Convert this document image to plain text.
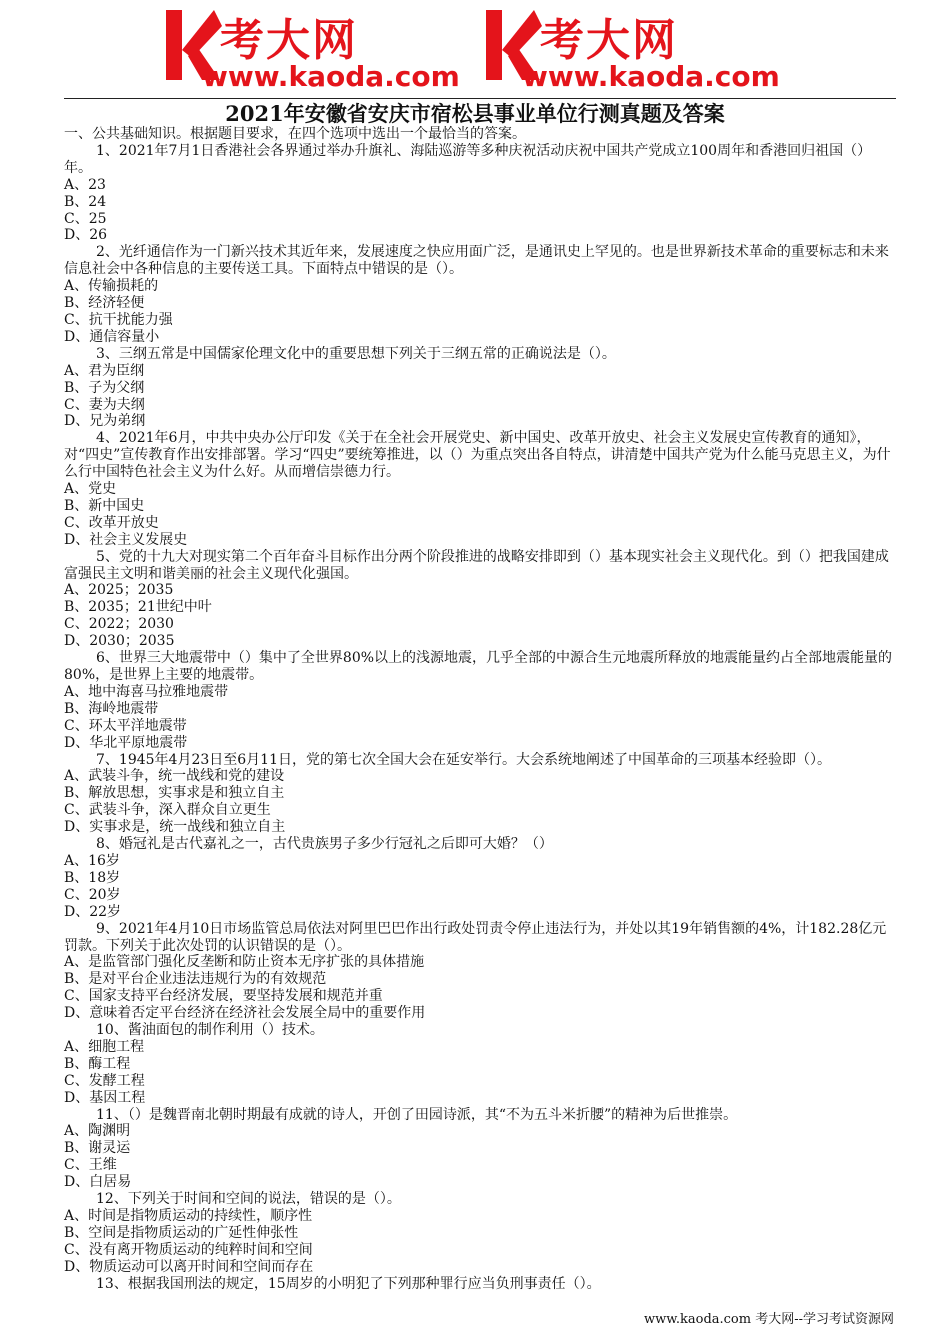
考大网
www.kaoda.com
考大网
www.kaoda.com
2021年安徽省安庆市宿松县事业单位行测真题及答案

一、公共基础知识。根据题目要求，在四个选项中选出一个最恰当的答案。

1、2021年7月1日香港社会各界通过举办升旗礼、海陆巡游等多种庆祝活动庆祝中国共产党成立100周年和香港回归祖国（）年。

A、23

B、24

C、25

D、26

2、光纤通信作为一门新兴技术其近年来，发展速度之快应用面广泛，是通讯史上罕见的。也是世界新技术革命的重要标志和未来信息社会中各种信息的主要传送工具。下面特点中错误的是（）。

A、传输损耗的

B、经济轻便

C、抗干扰能力强

D、通信容量小

3、三纲五常是中国儒家伦理文化中的重要思想下列关于三纲五常的正确说法是（）。

A、君为臣纲

B、子为父纲

C、妻为夫纲

D、兄为弟纲

4、2021年6月，中共中央办公厅印发《关于在全社会开展党史、新中国史、改革开放史、社会主义发展史宣传教育的通知》，对“四史”宣传教育作出安排部署。学习“四史”要统筹推进，以（）为重点突出各自特点，讲清楚中国共产党为什么能马克思主义，为什么行中国特色社会主义为什么好。从而增信崇德力行。

A、党史

B、新中国史

C、改革开放史

D、社会主义发展史

5、党的十九大对现实第二个百年奋斗目标作出分两个阶段推进的战略安排即到（）基本现实社会主义现代化。到（）把我国建成富强民主文明和谐美丽的社会主义现代化强国。

A、2025；2035

B、2035；21世纪中叶

C、2022；2030

D、2030；2035

6、世界三大地震带中（）集中了全世界80%以上的浅源地震，几乎全部的中源合生元地震所释放的地震能量约占全部地震能量的80%，是世界上主要的地震带。

A、地中海喜马拉雅地震带

B、海岭地震带

C、环太平洋地震带

D、华北平原地震带

7、1945年4月23日至6月11日，党的第七次全国大会在延安举行。大会系统地阐述了中国革命的三项基本经验即（）。

A、武装斗争，统一战线和党的建设

B、解放思想，实事求是和独立自主

C、武装斗争，深入群众自立更生

D、实事求是，统一战线和独立自主

8、婚冠礼是古代嘉礼之一，古代贵族男子多少行冠礼之后即可大婚？（）

A、16岁

B、18岁

C、20岁

D、22岁

9、2021年4月10日市场监管总局依法对阿里巴巴作出行政处罚责令停止违法行为，并处以其19年销售额的4%，计182.28亿元罚款。下列关于此次处罚的认识错误的是（）。

A、是监管部门强化反垄断和防止资本无序扩张的具体措施

B、是对平台企业违法违规行为的有效规范

C、国家支持平台经济发展，要坚持发展和规范并重

D、意味着否定平台经济在经济社会发展全局中的重要作用

10、酱油面包的制作利用（）技术。

A、细胞工程

B、酶工程

C、发酵工程

D、基因工程

11、（）是魏晋南北朝时期最有成就的诗人，开创了田园诗派，其“不为五斗米折腰”的精神为后世推崇。

A、陶渊明

B、谢灵运

C、王维

D、白居易

12、下列关于时间和空间的说法，错误的是（）。

A、时间是指物质运动的持续性，顺序性

B、空间是指物质运动的广延性伸张性

C、没有离开物质运动的纯粹时间和空间

D、物质运动可以离开时间和空间而存在

13、根据我国刑法的规定，15周岁的小明犯了下列那种罪行应当负刑事责任（）。

www.kaoda.com 考大网--学习考试资源网
